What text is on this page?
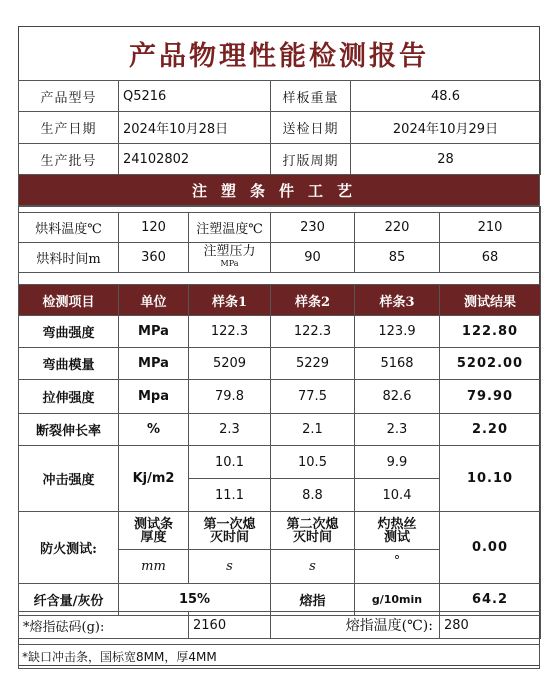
产品物理性能检测报告
产品型号	Q5216	样板重量	48.6
生产日期	2024年10月28日	送检日期	2024年10月29日
生产批号	24102802	打版周期	28
注塑条件工艺

烘料温度℃	120	注塑温度℃	230	220	210
烘料时间m	360	注塑压力
MPa	90	85	68

检测项目	单位	样条1	样条2	样条3	测试结果
弯曲强度	MPa	122.3	122.3	123.9	122.80
弯曲模量	MPa	5209	5229	5168	5202.00
拉伸强度	Mpa	79.8	77.5	82.6	79.90
断裂伸长率	%	2.3	2.1	2.3	2.20
冲击强度	Kj/m2	10.1	10.5	9.9	10.10
		11.1	8.8	10.4	
防火测试:	测试条厚度	第一次熄灭时间	第二次熄灭时间	灼热丝测试	0.00
	mm	s	s	°	
纤含量/灰份	15%		熔指	g/10min	64.2
*熔指砝码(g):	2160	熔指温度(℃):	280
*缺口冲击条，国标宽8MM，厚4MM
